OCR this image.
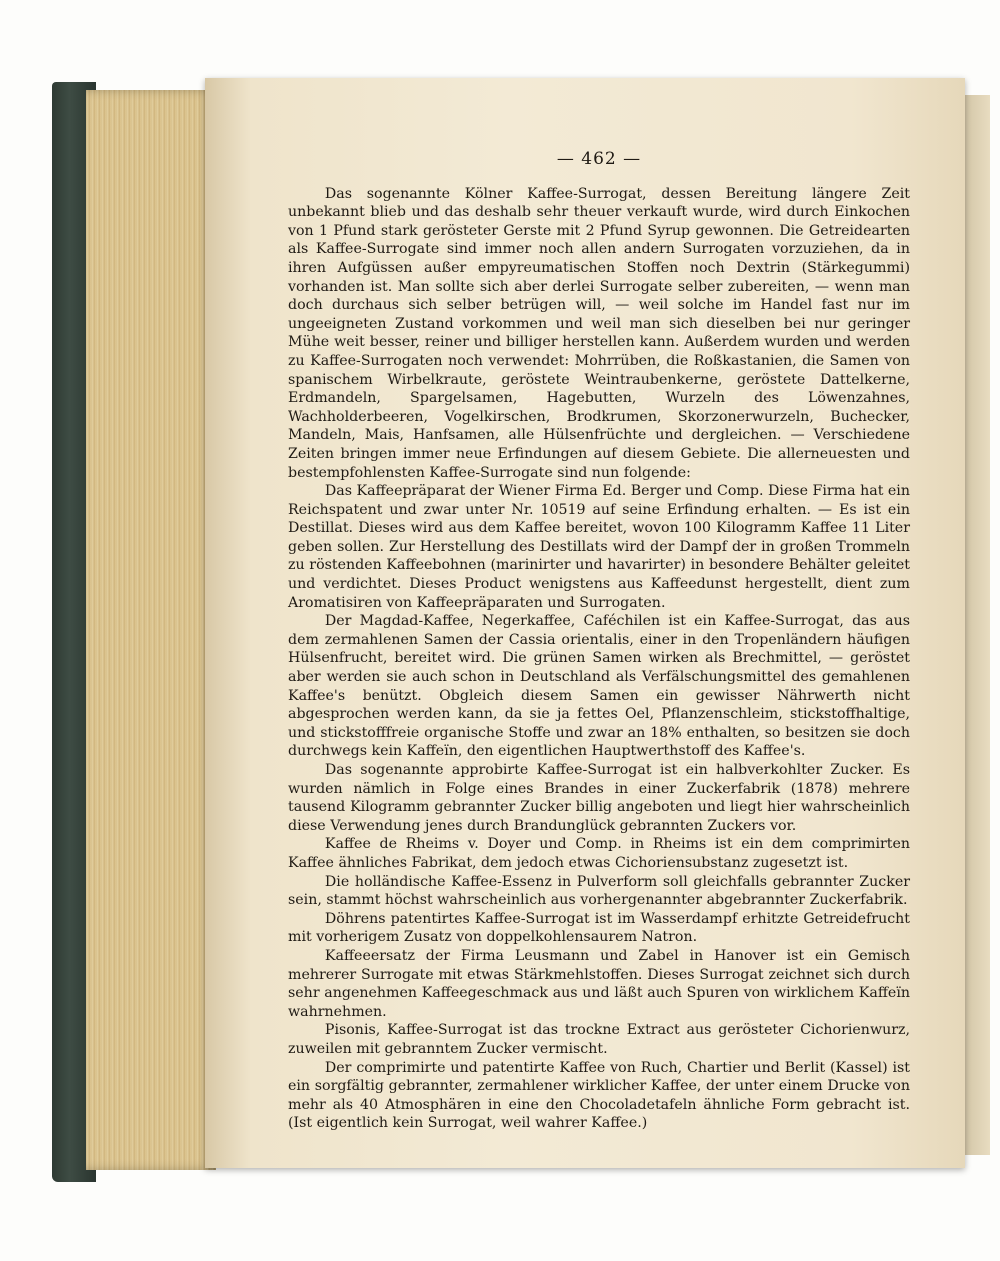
— 462 —

Das sogenannte Kölner Kaffee-Surrogat, dessen Bereitung längere Zeit unbekannt blieb und das deshalb sehr theuer verkauft wurde, wird durch Einkochen von 1 Pfund stark gerösteter Gerste mit 2 Pfund Syrup gewonnen. Die Getreidearten als Kaffee-Surrogate sind immer noch allen andern Surrogaten vorzuziehen, da in ihren Aufgüssen außer empyreumatischen Stoffen noch Dextrin (Stärkegummi) vorhanden ist. Man sollte sich aber derlei Surrogate selber zubereiten, — wenn man doch durchaus sich selber betrügen will, — weil solche im Handel fast nur im ungeeigneten Zustand vorkommen und weil man sich dieselben bei nur geringer Mühe weit besser, reiner und billiger herstellen kann. Außerdem wurden und werden zu Kaffee-Surrogaten noch verwendet: Mohrrüben, die Roßkastanien, die Samen von spanischem Wirbelkraute, geröstete Weintraubenkerne, geröstete Dattelkerne, Erdmandeln, Spargelsamen, Hagebutten, Wurzeln des Löwenzahnes, Wachholderbeeren, Vogelkirschen, Brodkrumen, Skorzonerwurzeln, Buchecker, Mandeln, Mais, Hanfsamen, alle Hülsenfrüchte und dergleichen. — Verschiedene Zeiten bringen immer neue Erfindungen auf diesem Gebiete. Die allerneuesten und bestempfohlensten Kaffee-Surrogate sind nun folgende:

Das Kaffeepräparat der Wiener Firma Ed. Berger und Comp. Diese Firma hat ein Reichspatent und zwar unter Nr. 10519 auf seine Erfindung erhalten. — Es ist ein Destillat. Dieses wird aus dem Kaffee bereitet, wovon 100 Kilogramm Kaffee 11 Liter geben sollen. Zur Herstellung des Destillats wird der Dampf der in großen Trommeln zu röstenden Kaffeebohnen (marinirter und havarirter) in besondere Behälter geleitet und verdichtet. Dieses Product wenigstens aus Kaffeedunst hergestellt, dient zum Aromatisiren von Kaffeepräparaten und Surrogaten.

Der Magdad-Kaffee, Negerkaffee, Caféchilen ist ein Kaffee-Surrogat, das aus dem zermahlenen Samen der Cassia orientalis, einer in den Tropenländern häufigen Hülsenfrucht, bereitet wird. Die grünen Samen wirken als Brechmittel, — geröstet aber werden sie auch schon in Deutschland als Verfälschungsmittel des gemahlenen Kaffee's benützt. Obgleich diesem Samen ein gewisser Nährwerth nicht abgesprochen werden kann, da sie ja fettes Oel, Pflanzenschleim, stickstoffhaltige, und stickstofffreie organische Stoffe und zwar an 18% enthalten, so besitzen sie doch durchwegs kein Kaffeïn, den eigentlichen Hauptwerthstoff des Kaffee's.

Das sogenannte approbirte Kaffee-Surrogat ist ein halbverkohlter Zucker. Es wurden nämlich in Folge eines Brandes in einer Zuckerfabrik (1878) mehrere tausend Kilogramm gebrannter Zucker billig angeboten und liegt hier wahrscheinlich diese Verwendung jenes durch Brandunglück gebrannten Zuckers vor.

Kaffee de Rheims v. Doyer und Comp. in Rheims ist ein dem comprimirten Kaffee ähnliches Fabrikat, dem jedoch etwas Cichoriensubstanz zugesetzt ist.

Die holländische Kaffee-Essenz in Pulverform soll gleichfalls gebrannter Zucker sein, stammt höchst wahrscheinlich aus vorhergenannter abgebrannter Zuckerfabrik.

Döhrens patentirtes Kaffee-Surrogat ist im Wasserdampf erhitzte Getreidefrucht mit vorherigem Zusatz von doppelkohlensaurem Natron.

Kaffeeersatz der Firma Leusmann und Zabel in Hanover ist ein Gemisch mehrerer Surrogate mit etwas Stärkmehlstoffen. Dieses Surrogat zeichnet sich durch sehr angenehmen Kaffeegeschmack aus und läßt auch Spuren von wirklichem Kaffeïn wahrnehmen.

Pisonis, Kaffee-Surrogat ist das trockne Extract aus gerösteter Cichorienwurz, zuweilen mit gebranntem Zucker vermischt.

Der comprimirte und patentirte Kaffee von Ruch, Chartier und Berlit (Kassel) ist ein sorgfältig gebrannter, zermahlener wirklicher Kaffee, der unter einem Drucke von mehr als 40 Atmosphären in eine den Chocoladetafeln ähnliche Form gebracht ist. (Ist eigentlich kein Surrogat, weil wahrer Kaffee.)
